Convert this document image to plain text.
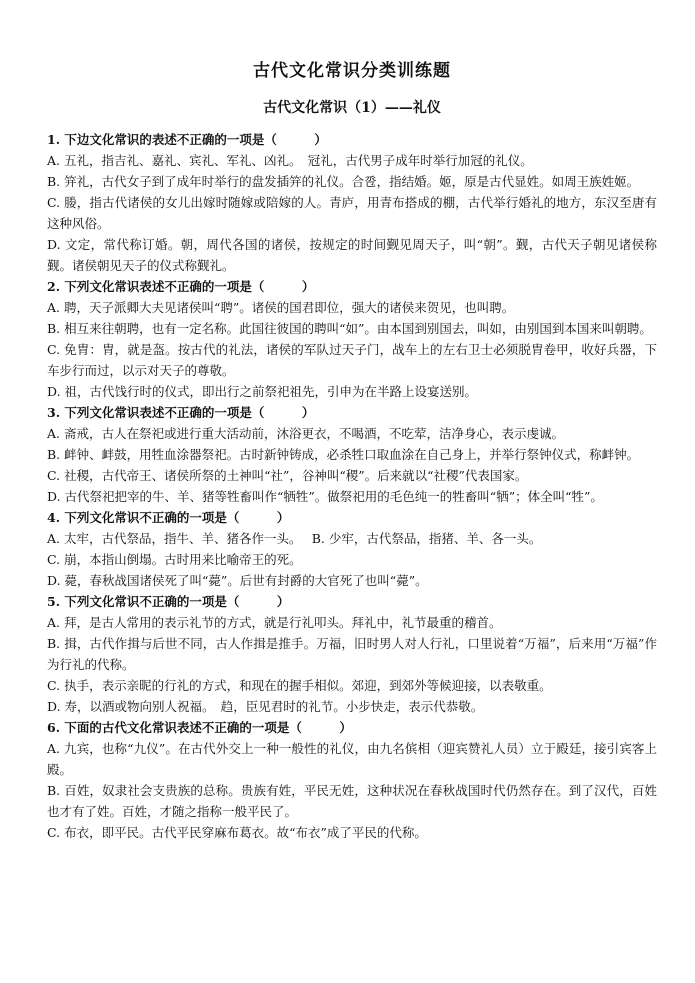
古代文化常识分类训练题
古代文化常识（1）——礼仪

1. 下边文化常识的表述不正确的一项是（　　　）

A. 五礼，指吉礼、嘉礼、宾礼、军礼、凶礼。　冠礼，古代男子成年时举行加冠的礼仪。

B. 笄礼，古代女子到了成年时举行的盘发插笄的礼仪。合卺，指结婚。姬，原是古代显姓。如周王族姓姬。

C. 媵，指古代诸侯的女儿出嫁时随嫁或陪嫁的人。青庐，用青布搭成的棚，古代举行婚礼的地方，东汉至唐有这种风俗。

D. 文定，常代称订婚。朝，周代各国的诸侯，按规定的时间觐见周天子，叫“朝”。觐，古代天子朝见诸侯称觐。诸侯朝见天子的仪式称觐礼。

2. 下列文化常识表述不正确的一项是（　　　）

A. 聘，天子派卿大夫见诸侯叫“聘”。诸侯的国君即位，强大的诸侯来贺见，也叫聘。

B. 相互来往朝聘，也有一定名称。此国往彼国的聘叫“如”。由本国到别国去，叫如，由别国到本国来叫朝聘。

C. 免胄：胄，就是盔。按古代的礼法，诸侯的军队过天子门，战车上的左右卫士必须脱胄卷甲，收好兵器，下车步行而过，以示对天子的尊敬。

D. 祖，古代饯行时的仪式，即出行之前祭祀祖先，引申为在半路上设宴送别。

3. 下列文化常识表述不正确的一项是（　　　）

A. 斋戒，古人在祭祀或进行重大活动前，沐浴更衣，不喝酒，不吃荤，洁净身心，表示虔诚。

B. 衅钟、衅鼓，用牲血涂器祭祀。古时新钟铸成，必杀牲口取血涂在自己身上，并举行祭钟仪式，称衅钟。

C. 社稷，古代帝王、诸侯所祭的土神叫“社”，谷神叫“稷”。后来就以“社稷”代表国家。

D. 古代祭祀把宰的牛、羊、猪等牲畜叫作“牺牲”。做祭祀用的毛色纯一的牲畜叫“牺”；体全叫“牲”。

4. 下列文化常识不正确的一项是（　　　）

A. 太牢，古代祭品，指牛、羊、猪各作一头。　 B. 少牢，古代祭品，指猪、羊、各一头。

C. 崩，本指山倒塌。古时用来比喻帝王的死。

D. 薨，春秋战国诸侯死了叫“薨”。后世有封爵的大官死了也叫“薨”。

5. 下列文化常识不正确的一项是（　　　）

A. 拜，是古人常用的表示礼节的方式，就是行礼叩头。拜礼中，礼节最重的稽首。

B. 揖，古代作揖与后世不同，古人作揖是推手。万福，旧时男人对人行礼，口里说着“万福”，后来用“万福”作为行礼的代称。

C. 执手，表示亲昵的行礼的方式，和现在的握手相似。郊迎，到郊外等候迎接，以表敬重。

D. 寿，以酒或物向别人祝福。　趋，臣见君时的礼节。小步快走，表示代恭敬。

6. 下面的古代文化常识表述不正确的一项是（　　　）

A. 九宾，也称“九仪”。在古代外交上一种一般性的礼仪，由九名傧相（迎宾赞礼人员）立于殿廷，接引宾客上殿。

B. 百姓，奴隶社会支贵族的总称。贵族有姓，平民无姓，这种状况在春秋战国时代仍然存在。到了汉代，百姓也才有了姓。百姓，才随之指称一般平民了。

C. 布衣，即平民。古代平民穿麻布葛衣。故“布衣”成了平民的代称。
